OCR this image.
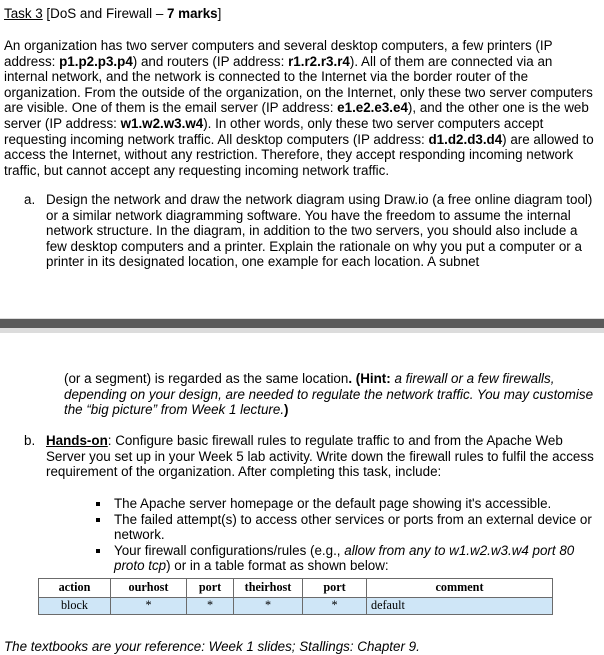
Task 3 [DoS and Firewall – 7 marks]

An organization has two server computers and several desktop computers, a few printers (IP address: p1.p2.p3.p4) and routers (IP address: r1.r2.r3.r4). All of them are connected via an internal network, and the network is connected to the Internet via the border router of the organization. From the outside of the organization, on the Internet, only these two server computers are visible. One of them is the email server (IP address: e1.e2.e3.e4), and the other one is the web server (IP address: w1.w2.w3.w4). In other words, only these two server computers accept requesting incoming network traffic. All desktop computers (IP address: d1.d2.d3.d4) are allowed to access the Internet, without any restriction. Therefore, they accept responding incoming network traffic, but cannot accept any requesting incoming network traffic.

a. Design the network and draw the network diagram using Draw.io (a free online diagram tool) or a similar network diagramming software. You have the freedom to assume the internal network structure. In the diagram, in addition to the two servers, you should also include a few desktop computers and a printer. Explain the rationale on why you put a computer or a printer in its designated location, one example for each location. A subnet

(or a segment) is regarded as the same location. (Hint: a firewall or a few firewalls, depending on your design, are needed to regulate the network traffic. You may customise the “big picture” from Week 1 lecture.)

b. Hands-on: Configure basic firewall rules to regulate traffic to and from the Apache Web Server you set up in your Week 5 lab activity. Write down the firewall rules to fulfil the access requirement of the organization. After completing this task, include:

The Apache server homepage or the default page showing it's accessible.
The failed attempt(s) to access other services or ports from an external device or network.
Your firewall configurations/rules (e.g., allow from any to w1.w2.w3.w4 port 80 proto tcp) or in a table format as shown below:
action	ourhost	port	theirhost	port	comment
block	*	*	*	*	default
The textbooks are your reference: Week 1 slides; Stallings: Chapter 9.
